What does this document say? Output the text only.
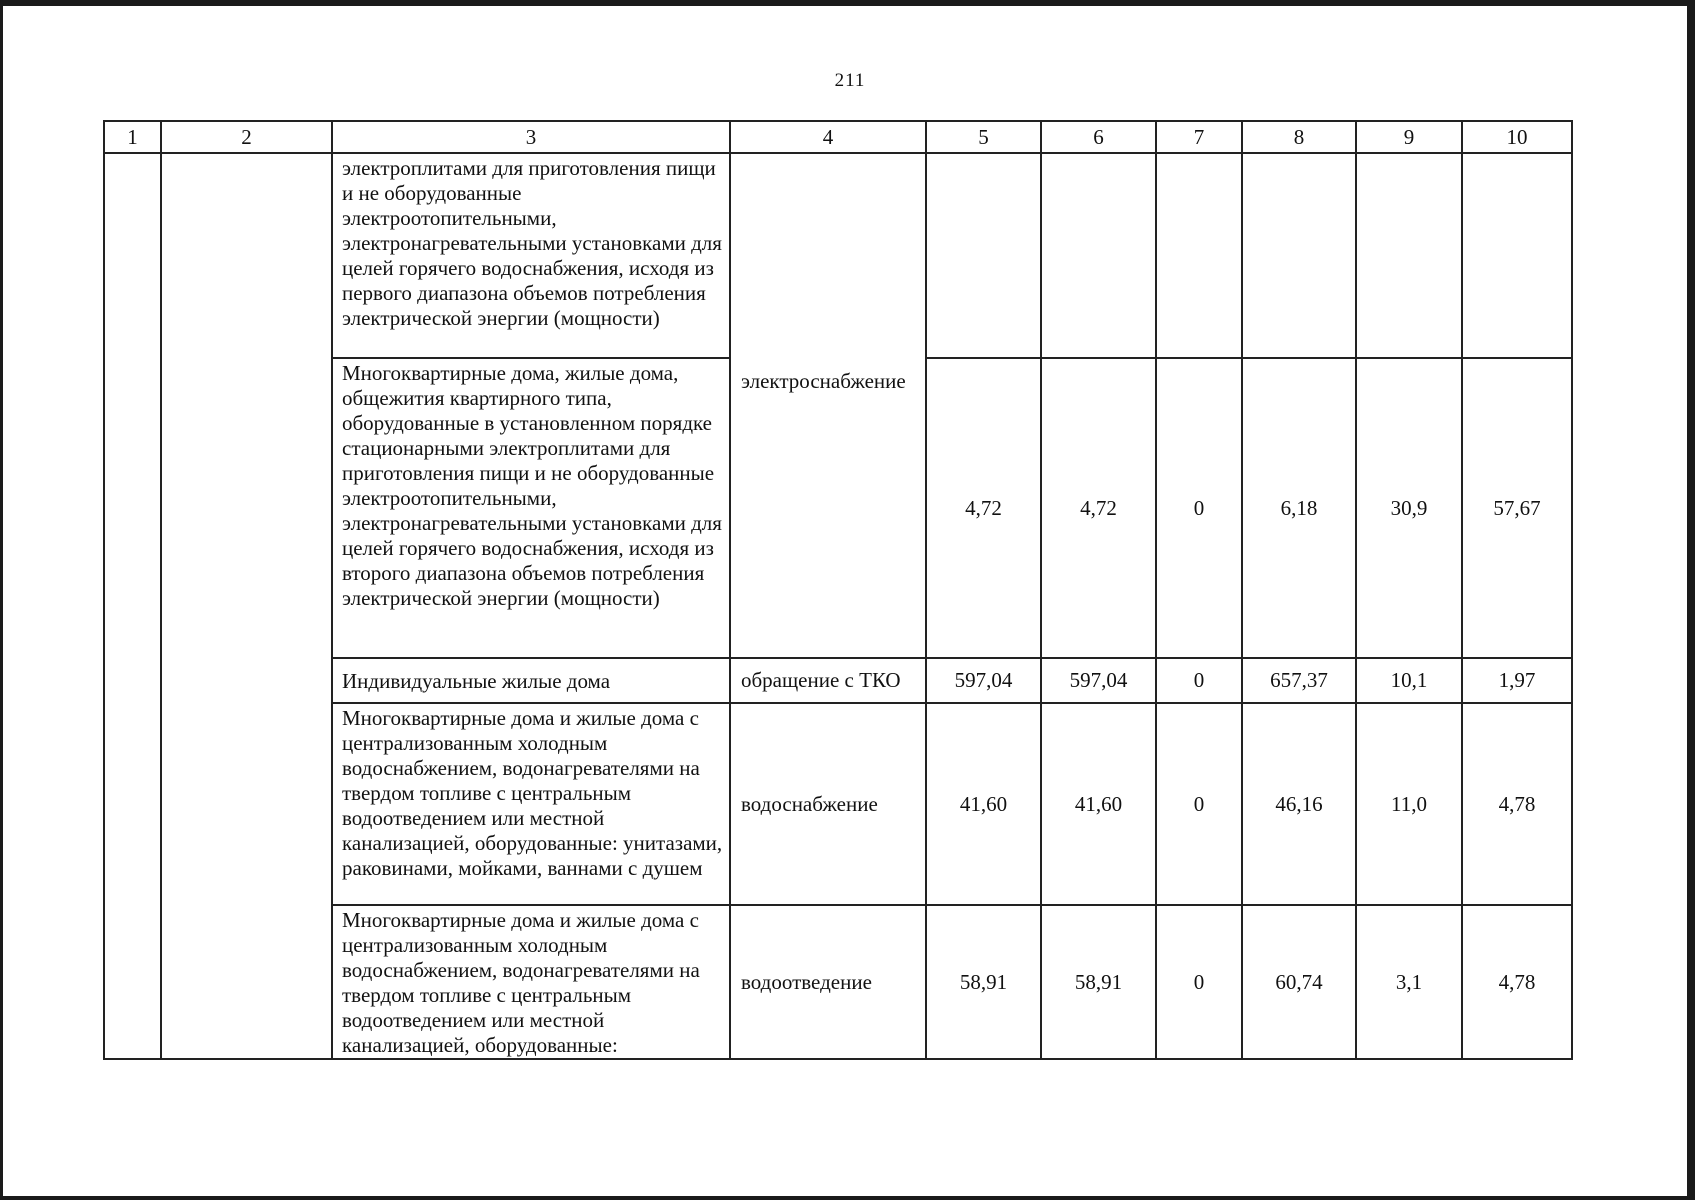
211
1	2	3	4	5	6	7	8	9	10
		электроплитами для приготовления пищи и не оборудованные электроотопительными, электронагревательными установками для целей горячего водоснабжения, исходя из первого диапазона объемов потребления электрической энергии (мощности)	электроснабжение						
		Многоквартирные дома, жилые дома, общежития квартирного типа, оборудованные в установленном порядке стационарными электроплитами для приготовления пищи и не оборудованные электроотопительными, электронагревательными установками для целей горячего водоснабжения, исходя из второго диапазона объемов потребления электрической энергии (мощности)		4,72	4,72	0	6,18	30,9	57,67
		Индивидуальные жилые дома	обращение с ТКО	597,04	597,04	0	657,37	10,1	1,97
		Многоквартирные дома и жилые дома с централизованным холодным водоснабжением, водонагревателями на твердом топливе с центральным водоотведением или местной канализацией, оборудованные: унитазами, раковинами, мойками, ваннами с душем	водоснабжение	41,60	41,60	0	46,16	11,0	4,78
		Многоквартирные дома и жилые дома с централизованным холодным водоснабжением, водонагревателями на твердом топливе с центральным водоотведением или местной канализацией, оборудованные:	водоотведение	58,91	58,91	0	60,74	3,1	4,78
